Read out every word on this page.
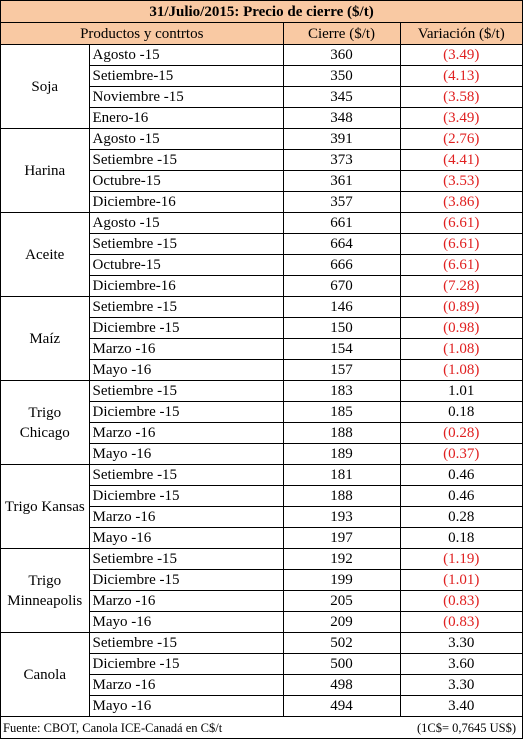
31/Julio/2015: Precio de cierre ($/t)			
Productos y contrtos		Cierre ($/t)	Variación ($/t)
Soja	Agosto -15	360	(3.49)
	Setiembre-15	350	(4.13)
	Noviembre -15	345	(3.58)
	Enero-16	348	(3.49)
Harina	Agosto -15	391	(2.76)
	Setiembre -15	373	(4.41)
	Octubre-15	361	(3.53)
	Diciembre-16	357	(3.86)
Aceite	Agosto -15	661	(6.61)
	Setiembre -15	664	(6.61)
	Octubre-15	666	(6.61)
	Diciembre-16	670	(7.28)
Maíz	Setiembre -15	146	(0.89)
	Diciembre -15	150	(0.98)
	Marzo -16	154	(1.08)
	Mayo -16	157	(1.08)
Trigo Chicago	Setiembre -15	183	1.01
	Diciembre -15	185	0.18
	Marzo -16	188	(0.28)
	Mayo -16	189	(0.37)
Trigo Kansas	Setiembre -15	181	0.46
	Diciembre -15	188	0.46
	Marzo -16	193	0.28
	Mayo -16	197	0.18
Trigo Minneapolis	Setiembre -15	192	(1.19)
	Diciembre -15	199	(1.01)
	Marzo -16	205	(0.83)
	Mayo -16	209	(0.83)
Canola	Setiembre -15	502	3.30
	Diciembre -15	500	3.60
	Marzo -16	498	3.30
	Mayo -16	494	3.40
Fuente: CBOT, Canola ICE-Canadá en C$/t			(1C$= 0,7645 US$)
